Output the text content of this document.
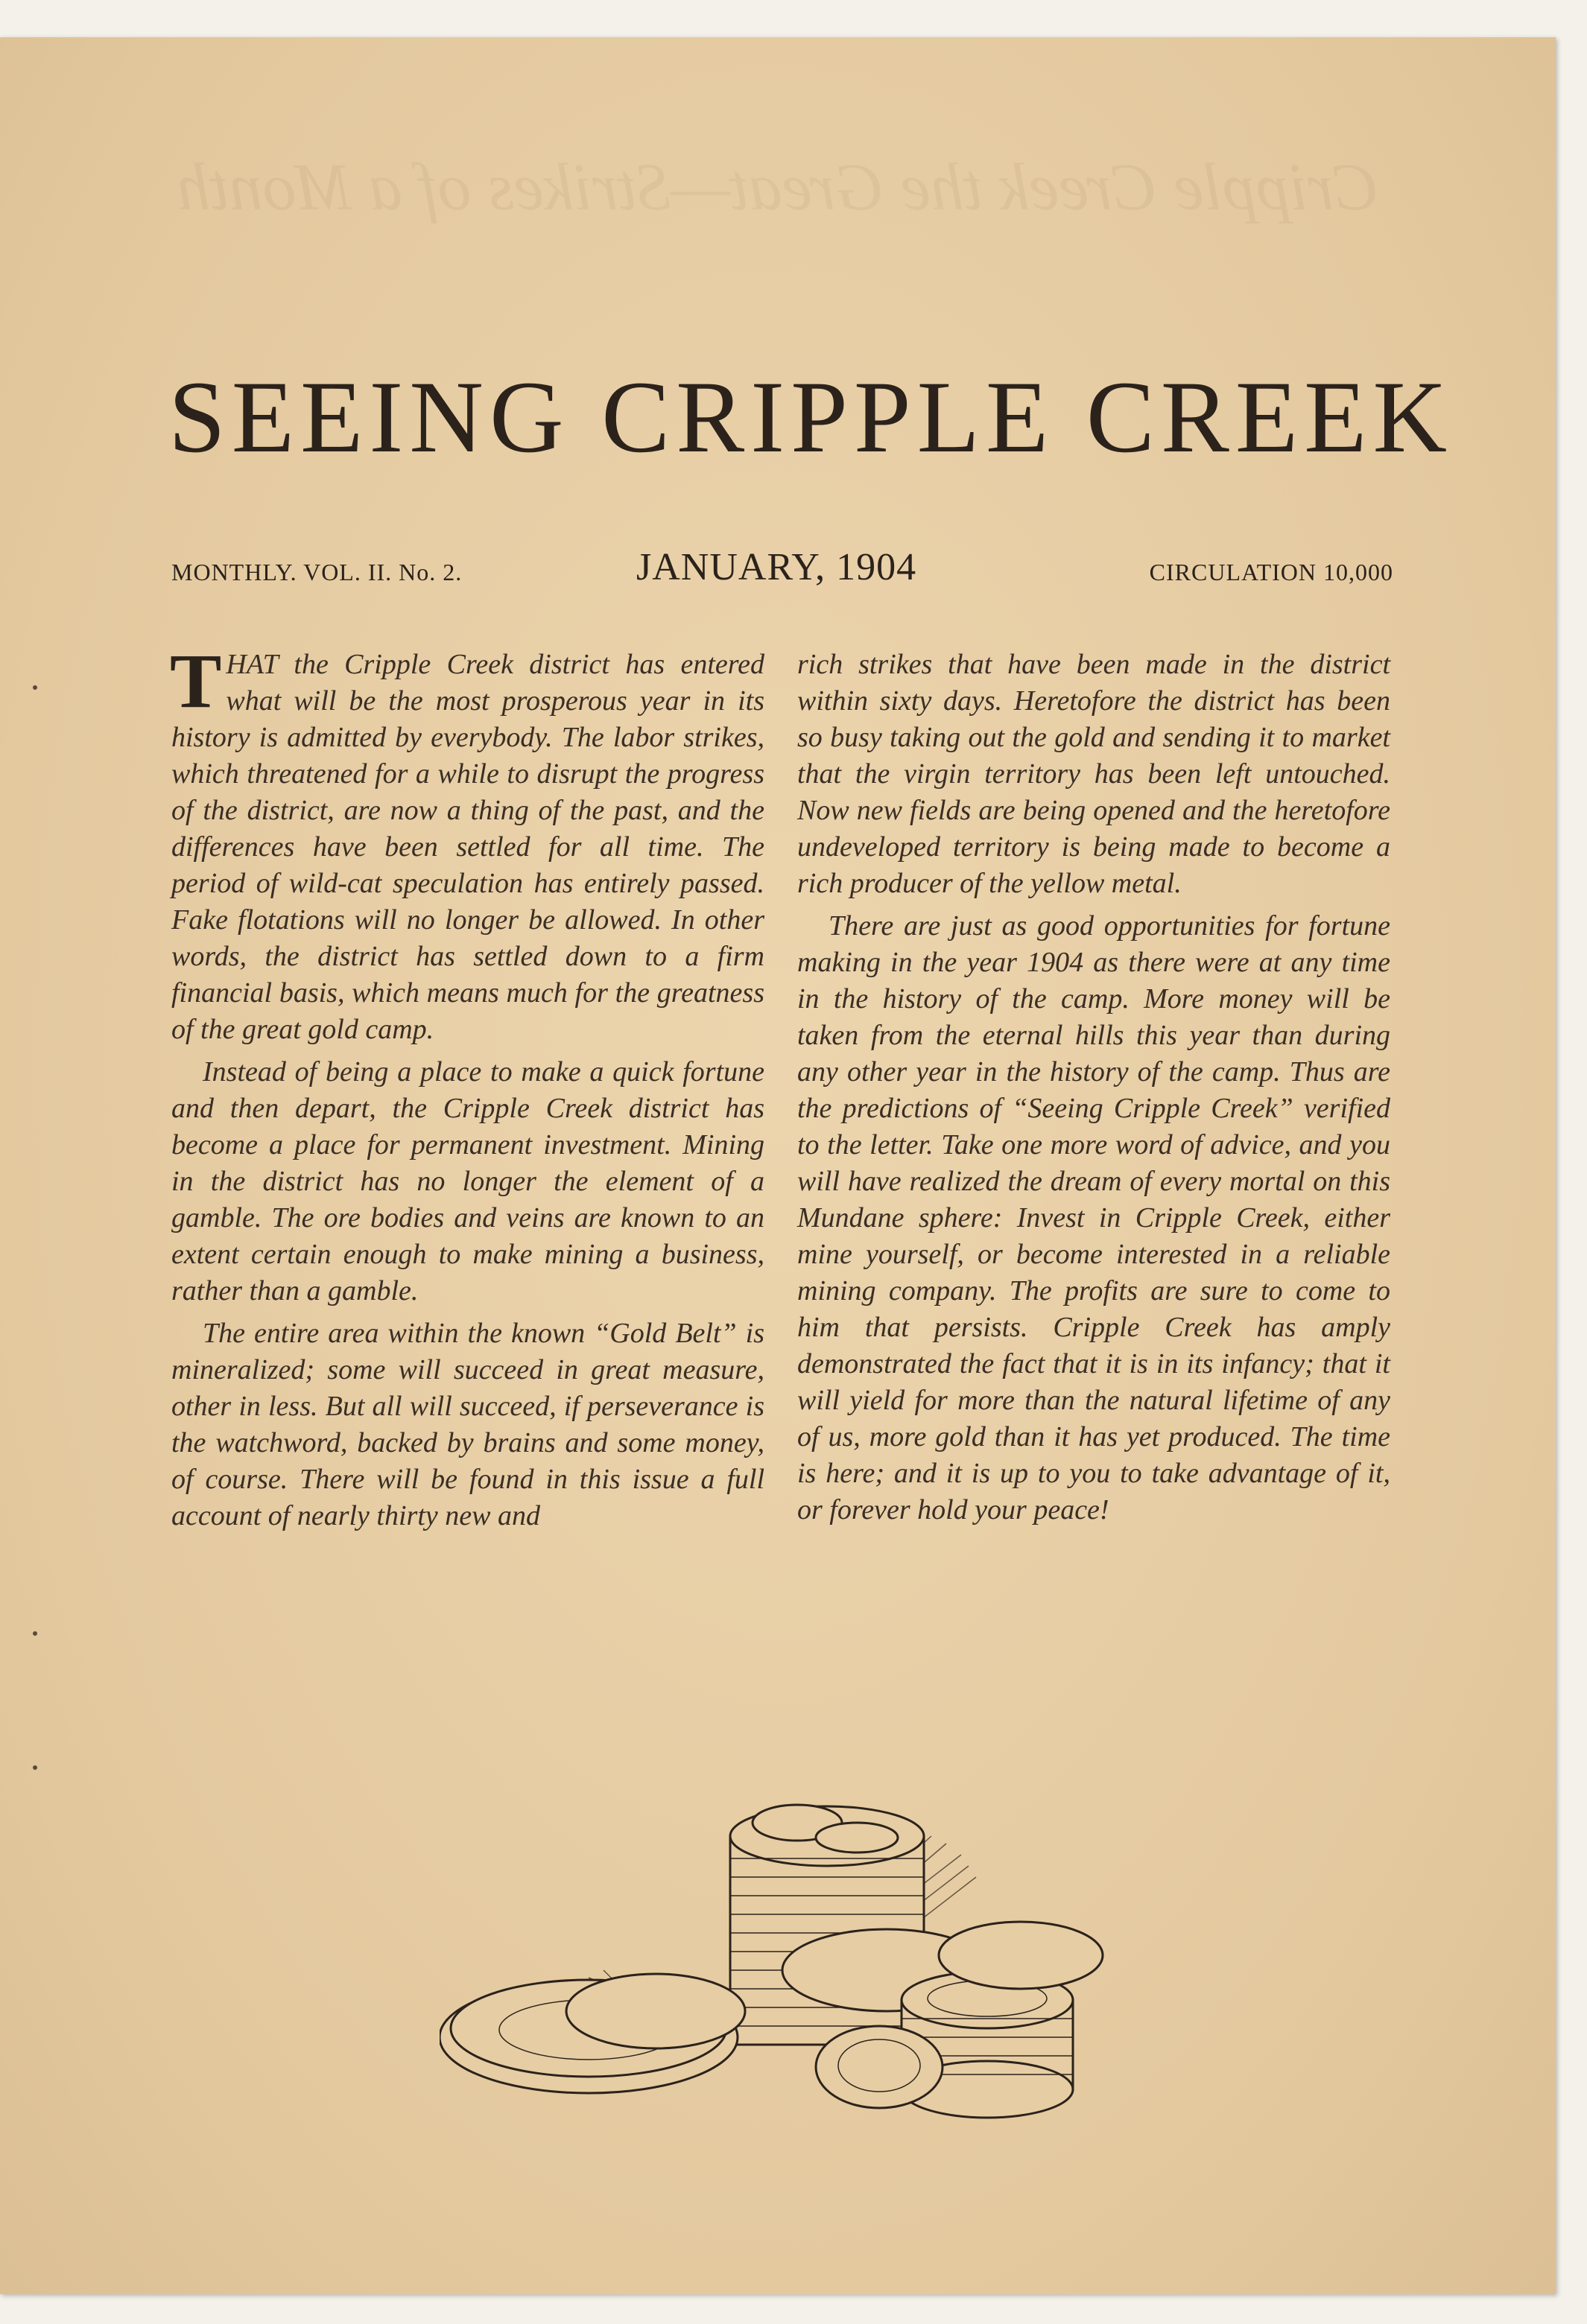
Cripple Creek the Great—Strikes of a Month
SEEING CRIPPLE CREEK
MONTHLY. VOL. II. No. 2.	JANUARY, 1904	CIRCULATION 10,000

THAT the Cripple Creek district has entered what will be the most prosperous year in its history is admitted by everybody. The labor strikes, which threatened for a while to disrupt the progress of the district, are now a thing of the past, and the differences have been settled for all time. The period of wild-cat speculation has entirely passed. Fake flotations will no longer be allowed. In other words, the district has settled down to a firm financial basis, which means much for the greatness of the great gold camp.

Instead of being a place to make a quick fortune and then depart, the Cripple Creek district has become a place for permanent investment. Mining in the district has no longer the element of a gamble. The ore bodies and veins are known to an extent certain enough to make mining a business, rather than a gamble.

The entire area within the known “Gold Belt” is mineralized; some will succeed in great measure, other in less. But all will succeed, if perseverance is the watchword, backed by brains and some money, of course. There will be found in this issue a full account of nearly thirty new and

rich strikes that have been made in the district within sixty days. Heretofore the district has been so busy taking out the gold and sending it to market that the virgin territory has been left untouched. Now new fields are being opened and the heretofore undeveloped territory is being made to become a rich producer of the yellow metal.

There are just as good opportunities for fortune making in the year 1904 as there were at any time in the history of the camp. More money will be taken from the eternal hills this year than during any other year in the history of the camp. Thus are the predictions of “Seeing Cripple Creek” verified to the letter. Take one more word of advice, and you will have realized the dream of every mortal on this Mundane sphere: Invest in Cripple Creek, either mine yourself, or become interested in a reliable mining company. The profits are sure to come to him that persists. Cripple Creek has amply demonstrated the fact that it is in its infancy; that it will yield for more than the natural lifetime of any of us, more gold than it has yet produced. The time is here; and it is up to you to take advantage of it, or forever hold your peace!
